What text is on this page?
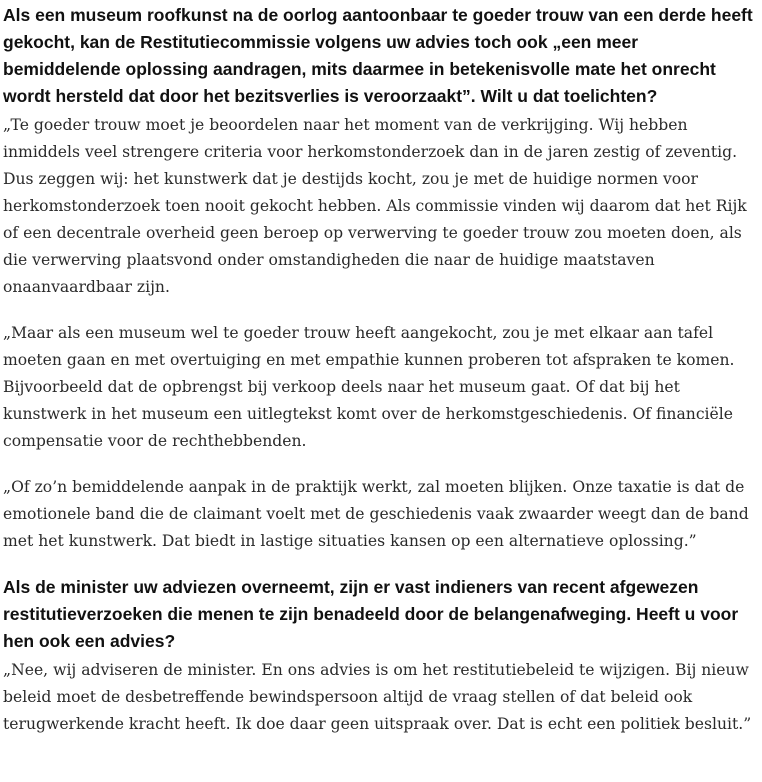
Als een museum roofkunst na de oorlog aantoonbaar te goeder trouw van een derde heeft gekocht, kan de Restitutiecommissie volgens uw advies toch ook „een meer bemiddelende oplossing aandragen, mits daarmee in betekenisvolle mate het onrecht wordt hersteld dat door het bezitsverlies is veroorzaakt”. Wilt u dat toelichten?

„Te goeder trouw moet je beoordelen naar het moment van de verkrijging. Wij hebben inmiddels veel strengere criteria voor herkomstonderzoek dan in de jaren zestig of zeventig. Dus zeggen wij: het kunstwerk dat je destijds kocht, zou je met de huidige normen voor herkomstonderzoek toen nooit gekocht hebben. Als commissie vinden wij daarom dat het Rijk of een decentrale overheid geen beroep op verwerving te goeder trouw zou moeten doen, als die verwerving plaatsvond onder omstandigheden die naar de huidige maatstaven onaanvaardbaar zijn.

„Maar als een museum wel te goeder trouw heeft aangekocht, zou je met elkaar aan tafel moeten gaan en met overtuiging en met empathie kunnen proberen tot afspraken te komen. Bijvoorbeeld dat de opbrengst bij verkoop deels naar het museum gaat. Of dat bij het kunstwerk in het museum een uitlegtekst komt over de herkomstgeschiedenis. Of financiële compensatie voor de rechthebbenden.

„Of zo’n bemiddelende aanpak in de praktijk werkt, zal moeten blijken. Onze taxatie is dat de emotionele band die de claimant voelt met de geschiedenis vaak zwaarder weegt dan de band met het kunstwerk. Dat biedt in lastige situaties kansen op een alternatieve oplossing.”

Als de minister uw adviezen overneemt, zijn er vast indieners van recent afgewezen restitutieverzoeken die menen te zijn benadeeld door de belangenafweging. Heeft u voor hen ook een advies?

„Nee, wij adviseren de minister. En ons advies is om het restitutiebeleid te wijzigen. Bij nieuw beleid moet de desbetreffende bewindspersoon altijd de vraag stellen of dat beleid ook terugwerkende kracht heeft. Ik doe daar geen uitspraak over. Dat is echt een politiek besluit.”
